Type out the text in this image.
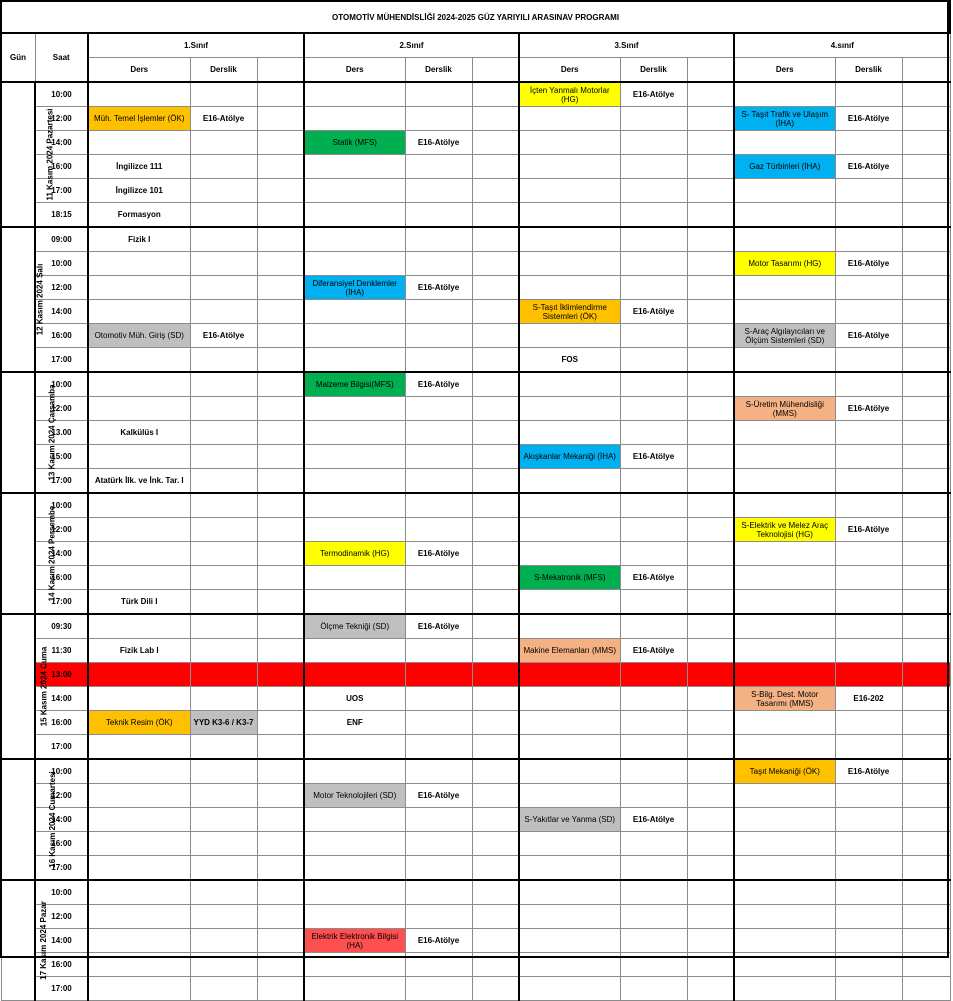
OTOMOTİV MÜHENDİSLİĞİ 2024-2025 GÜZ YARIYILI ARASINAV PROGRAMI													
Gün	Saat	1.Sınıf			2.Sınıf			3.Sınıf			4.sınıf		
		Ders	Derslik		Ders	Derslik		Ders	Derslik		Ders	Derslik	
11 Kasım 2024 Pazartesi	10:00							İçten Yanmalı Motorlar (HG)	E16-Atölye				
	12:00	Müh. Temel İşlemler (ÖK)	E16-Atölye								S- Taşıt Trafik ve Ulaşım (İHA)	E16-Atölye	
	14:00				Statik (MFS)	E16-Atölye							
	16:00	İngilizce 111									Gaz Türbinleri (İHA)	E16-Atölye	
	17:00	İngilizce 101											
	18:15	Formasyon											
12 Kasım 2024 Salı	09:00	Fizik I											
	10:00										Motor Tasarımı (HG)	E16-Atölye	
	12:00				Diferansiyel Denklemler (İHA)	E16-Atölye							
	14:00							S-Taşıt İklimlendirme Sistemleri (ÖK)	E16-Atölye				
	16:00	Otomotiv Müh. Giriş (SD)	E16-Atölye								S-Araç Algılayıcıları ve Ölçüm Sistemleri (SD)	E16-Atölye	
	17:00							FOS					
13 Kasım 2024 Çarşamba	10:00				Malzeme Bilgisi(MFS)	E16-Atölye							
	12:00										S-Üretim Mühendisliği (MMS)	E16-Atölye	
	13.00	Kalkülüs I											
	15:00							Akışkanlar Mekaniği (İHA)	E16-Atölye				
	17:00	Atatürk İlk. ve İnk. Tar. I											
14 Kasım 2024 Perşembe	10:00												
	12:00										S-Elektrik ve Melez Araç Teknolojisi (HG)	E16-Atölye	
	14:00				Termodinamik (HG)	E16-Atölye							
	16:00							S-Mekatronik (MFS)	E16-Atölye				
	17:00	Türk Dili I											
15 Kasım 2024 Cuma	09:30				Ölçme Tekniği (SD)	E16-Atölye							
	11:30	Fizik Lab I						Makine Elemanları (MMS)	E16-Atölye				
	13:00												
	14:00				UOS						S-Bilg. Dest. Motor Tasarımı (MMS)	E16-202	
	16:00	Teknik Resim (ÖK)	YYD K3-6 / K3-7		ENF								
	17:00												
16 Kasım 2024 Cumartesi	10:00										Taşıt Mekaniği (ÖK)	E16-Atölye	
	12:00				Motor Teknolojileri (SD)	E16-Atölye							
	14:00							S-Yakıtlar ve Yanma (SD)	E16-Atölye				
	16:00												
	17:00												
17 Kasım 2024 Pazar	10:00												
	12:00												
	14:00				Elektrik Elektronik Bilgisi (HA)	E16-Atölye							
	16:00												
	17:00												
